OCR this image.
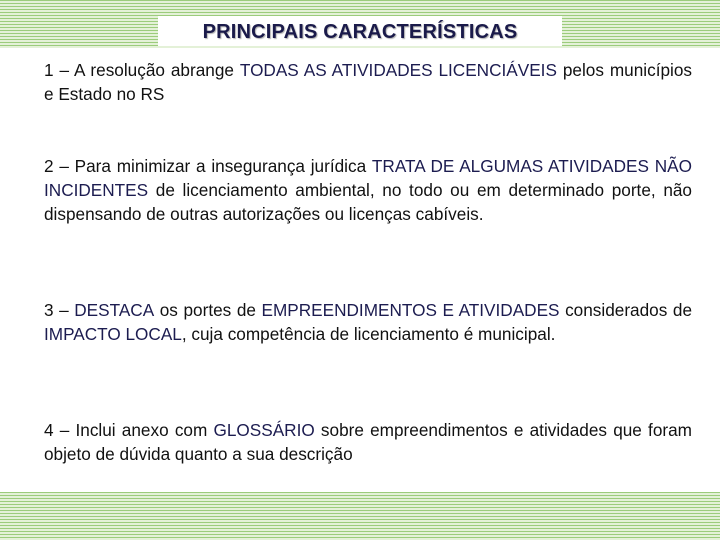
PRINCIPAIS CARACTERÍSTICAS

1 – A resolução abrange TODAS AS ATIVIDADES LICENCIÁVEIS pelos municípios e Estado no RS

2 – Para minimizar a insegurança jurídica TRATA DE ALGUMAS ATIVIDADES NÃO INCIDENTES de licenciamento ambiental, no todo ou em determinado porte, não dispensando de outras autorizações ou licenças cabíveis.

3 – DESTACA os portes de EMPREENDIMENTOS E ATIVIDADES considerados de IMPACTO LOCAL, cuja competência de licenciamento é municipal.

4 – Inclui anexo com GLOSSÁRIO sobre empreendimentos e atividades que foram objeto de dúvida quanto a sua descrição
